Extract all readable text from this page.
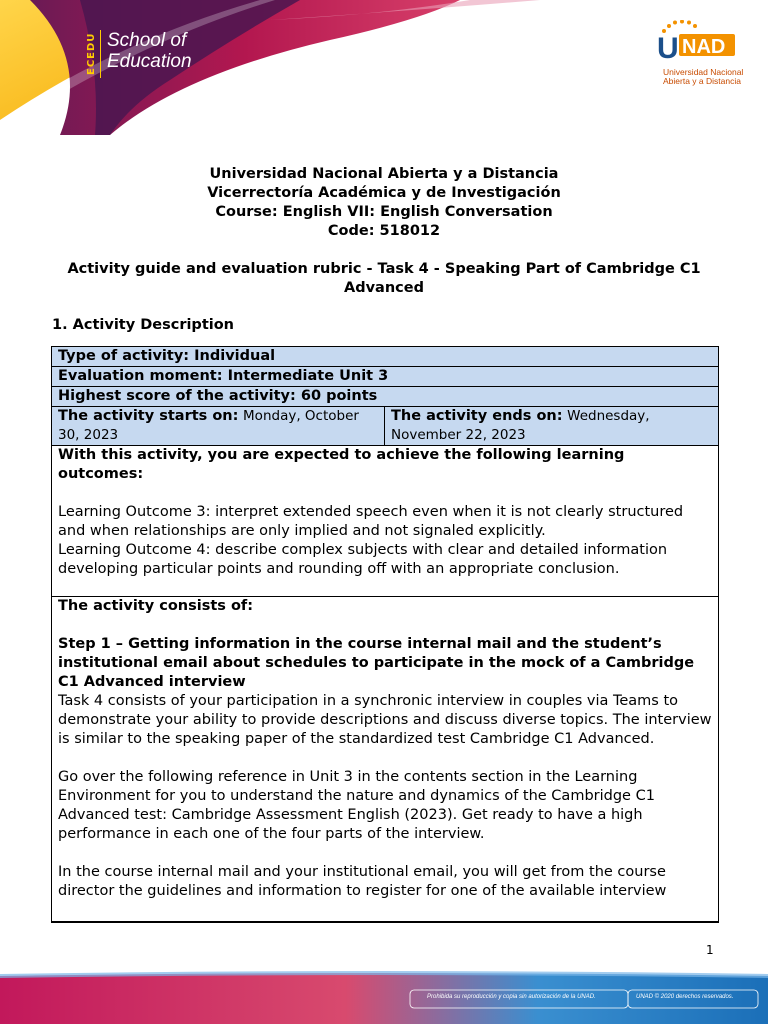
ECEDU School of
Education	U NAD
Universidad Nacional
Abierta y a Distancia
Universidad Nacional Abierta y a Distancia
Vicerrectoría Académica y de Investigación
Course: English VII: English Conversation
Code: 518012
Activity guide and evaluation rubric - Task 4 - Speaking Part of Cambridge C1 Advanced
1. Activity Description
Type of activity: Individual
Evaluation moment: Intermediate Unit 3
Highest score of the activity: 60 points
The activity starts on: Monday, October 30, 2023	The activity ends on: Wednesday, November 22, 2023

With this activity, you are expected to achieve the following learning outcomes:
Learning Outcome 3: interpret extended speech even when it is not clearly structured and when relationships are only implied and not signaled explicitly.
Learning Outcome 4: describe complex subjects with clear and detailed information developing particular points and rounding off with an appropriate conclusion.

The activity consists of:
Step 1 – Getting information in the course internal mail and the student’s institutional email about schedules to participate in the mock of a Cambridge C1 Advanced interview
Task 4 consists of your participation in a synchronic interview in couples via Teams to demonstrate your ability to provide descriptions and discuss diverse topics. The interview is similar to the speaking paper of the standardized test Cambridge C1 Advanced.
Go over the following reference in Unit 3 in the contents section in the Learning Environment for you to understand the nature and dynamics of the Cambridge C1 Advanced test: Cambridge Assessment English (2023). Get ready to have a high performance in each one of the four parts of the interview.
In the course internal mail and your institutional email, you will get from the course director the guidelines and information to register for one of the available interview
1
Prohibida su reproducción y copia sin autorización de la UNAD.	UNAD © 2020 derechos reservados.
